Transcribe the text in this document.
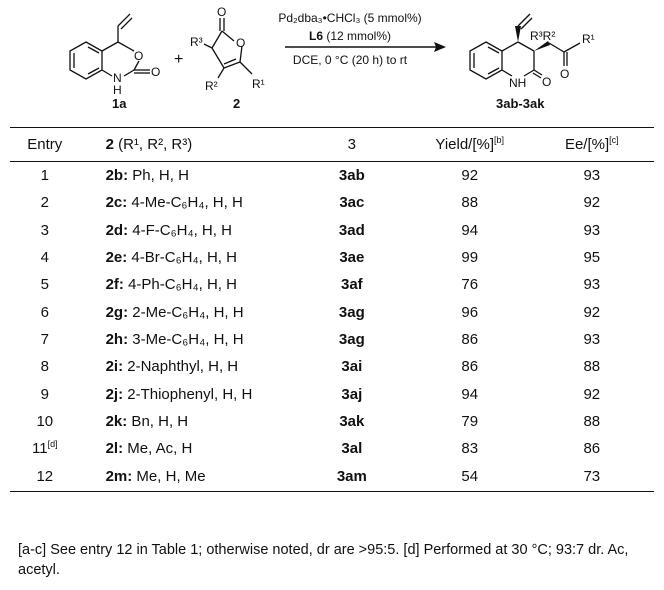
O
O
N
H
1a
+
O
O
R³
R²	R¹
2
Pd₂dba₃•CHCl₃ (5 mmol%)
L6 (12 mmol%)
DCE, 0 °C (20 h) to rt
O
O
NH
R³R² R¹
3ab-3ak
Entry	2 (R¹, R², R³)	3	Yield/[%][b]	Ee/[%][c]
1	2b: Ph, H, H	3ab	92	93
2	2c: 4-Me-C₆H₄, H, H	3ac	88	92
3	2d: 4-F-C₆H₄, H, H	3ad	94	93
4	2e: 4-Br-C₆H₄, H, H	3ae	99	95
5	2f: 4-Ph-C₆H₄, H, H	3af	76	93
6	2g: 2-Me-C₆H₄, H, H	3ag	96	92
7	2h: 3-Me-C₆H₄, H, H	3ag	86	93
8	2i: 2-Naphthyl, H, H	3ai	86	88
9	2j: 2-Thiophenyl, H, H	3aj	94	92
10	2k: Bn, H, H	3ak	79	88
11[d]	2l: Me, Ac, H	3al	83	86
12	2m: Me, H, Me	3am	54	73

[a-c] See entry 12 in Table 1; otherwise noted, dr are >95:5. [d] Performed at 30 °C; 93:7 dr. Ac, acetyl.
